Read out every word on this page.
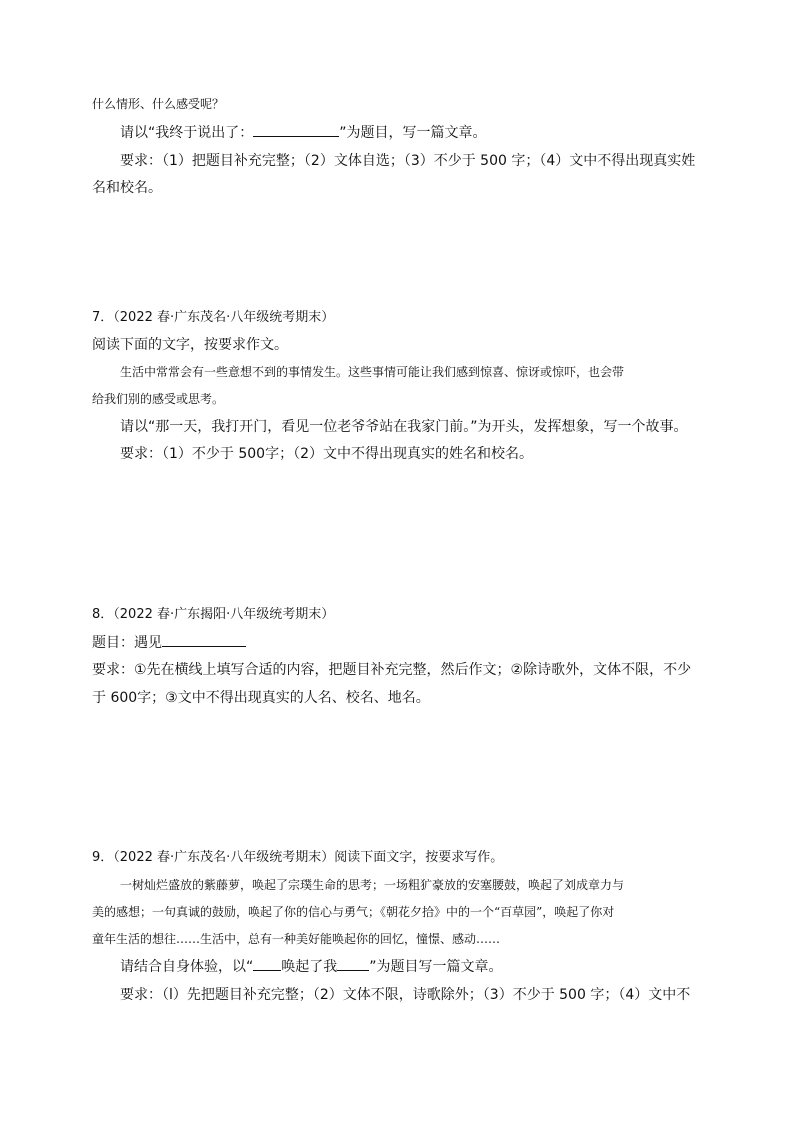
什么情形、什么感受呢？
请以“我终于说出了：	”为题目，写一篇文章。
要求：（1）把题目补充完整；（2）文体自选；（3）不少于 500 字；（4）文中不得出现真实姓
名和校名。
7．（2022 春·广东茂名·八年级统考期末）
阅读下面的文字，按要求作文。
生活中常常会有一些意想不到的事情发生。这些事情可能让我们感到惊喜、惊讶或惊吓，也会带
给我们别的感受或思考。
请以“那一天，我打开门，看见一位老爷爷站在我家门前。”为开头，发挥想象，写一个故事。
要求：（1）不少于 500字；（2）文中不得出现真实的姓名和校名。
8．（2022 春·广东揭阳·八年级统考期末）
题目：遇见
要求：①先在横线上填写合适的内容，把题目补充完整，然后作文；②除诗歌外，文体不限，不少
于 600字；③文中不得出现真实的人名、校名、地名。
9．（2022 春·广东茂名·八年级统考期末）阅读下面文字，按要求写作。
一树灿烂盛放的紫藤萝，唤起了宗璞生命的思考；一场粗犷豪放的安塞腰鼓，唤起了刘成章力与
美的感想；一句真诚的鼓励，唤起了你的信心与勇气；《朝花夕拾》中的一个“百草园”，唤起了你对
童年生活的想往……生活中，总有一种美好能唤起你的回忆，憧憬、感动……
请结合自身体验，以“ 唤起了我 ”为题目写一篇文章。
要求：（l）先把题目补充完整；（2）文体不限，诗歌除外；（3）不少于 500 字；（4）文中不
